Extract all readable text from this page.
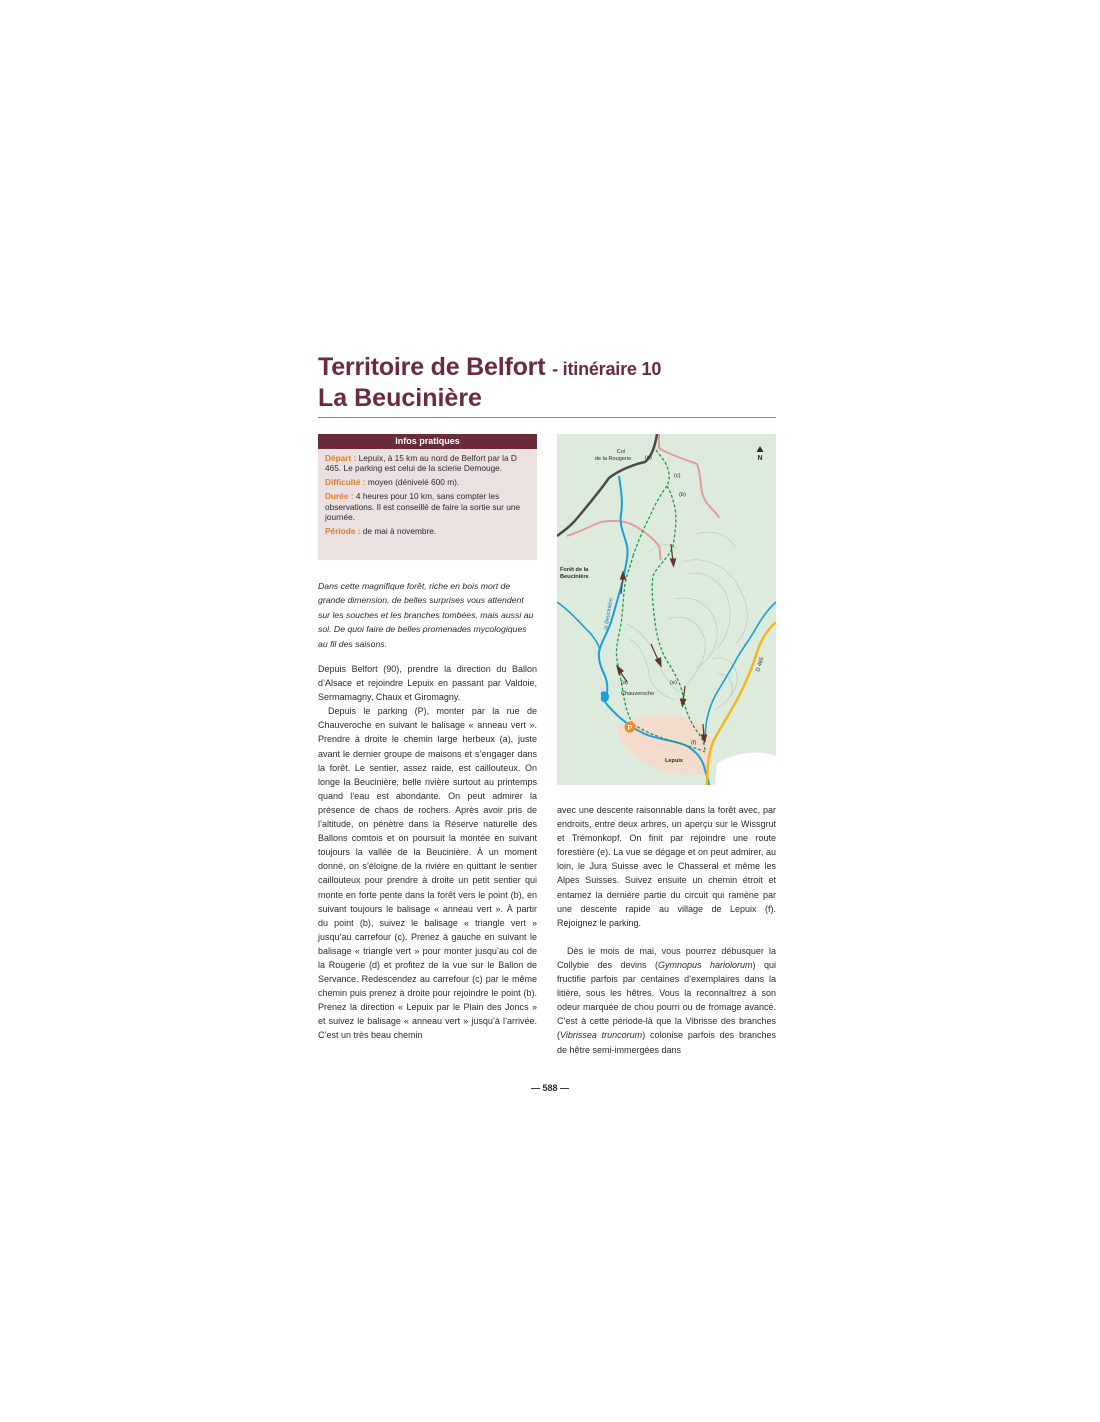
Territoire de Belfort - itinéraire 10
La Beucinière
Infos pratiques

Départ : Lepuix, à 15 km au nord de Belfort par la D 465. Le parking est celui de la scierie Demouge.

Difficulté : moyen (dénivelé 600 m).

Durée : 4 heures pour 10 km, sans compter les observations. Il est conseillé de faire la sortie sur une journée.

Période : de mai à novembre.

Dans cette magnifique forêt, riche en bois mort de grande dimension, de belles surprises vous attendent sur les souches et les branches tombées, mais aussi au sol. De quoi faire de belles promenades mycologiques au fil des saisons.

Depuis Belfort (90), prendre la direction du Ballon d’Alsace et rejoindre Lepuix en passant par Valdoie, Sermamagny, Chaux et Giromagny.

Depuis le parking (P), monter par la rue de Chauveroche en suivant le balisage « anneau vert ». Prendre à droite le chemin large herbeux (a), juste avant le dernier groupe de maisons et s’engager dans la forêt. Le sentier, assez raide, est caillouteux. On longe la Beucinière, belle rivière surtout au printemps quand l’eau est abondante. On peut admirer la présence de chaos de rochers. Après avoir pris de l’altitude, on pénètre dans la Réserve naturelle des Ballons comtois et on poursuit la montée en suivant toujours la vallée de la Beucinière. À un moment donné, on s’éloigne de la rivière en quittant le sentier caillouteux pour prendre à droite un petit sentier qui monte en forte pente dans la forêt vers le point (b), en suivant toujours le balisage « anneau vert ». À partir du point (b), suivez le balisage « triangle vert » jusqu’au carrefour (c). Prenez à gauche en suivant le balisage « triangle vert » pour monter jusqu’au col de la Rougerie (d) et profitez de la vue sur le Ballon de Servance. Redescendez au carrefour (c) par le même chemin puis prenez à droite pour rejoindre le point (b). Prenez la direction « Lepuix par le Plain des Joncs » et suivez le balisage « anneau vert » jusqu’à l’arrivée. C’est un très beau chemin

avec une descente raisonnable dans la forêt avec, par endroits, entre deux arbres, un aperçu sur le Wissgrut et Trémonkopf. On finit par rejoindre une route forestière (e). La vue se dégage et on peut admirer, au loin, le Jura Suisse avec le Chasseral et même les Alpes Suisses. Suivez ensuite un chemin étroit et entamez la dernière partie du circuit qui ramène par une descente rapide au village de Lepuix (f). Rejoignez le parking.

Dès le mois de mai, vous pourrez débusquer la Collybie des devins (Gymnopus hariolorum) qui fructifie parfois par centaines d’exemplaires dans la litière, sous les hêtres. Vous la reconnaîtrez à son odeur marquée de chou pourri ou de fromage avancé. C’est à cette période-là que la Vibrisse des branches (Vibrissea truncorum) colonise parfois des branches de hêtre semi-immergées dans

P
N
Col
de la Rougerie (d)
(c)
(b)
Forêt de la
Beucinière
la Beucinière
(a)
Chauveroche
(e)
(f)
Lepuix
D 465
— 588 —
